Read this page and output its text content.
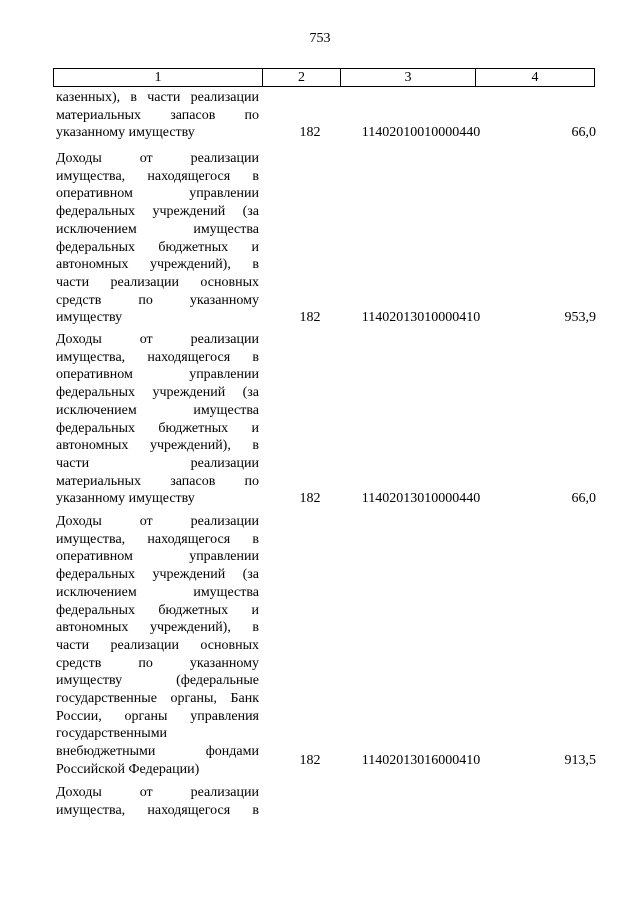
753
1	2	3	4
казенных), в части реализации
материальных запасов по
указанному имуществу	182	11402010010000440	66,0
Доходы от реализации
имущества, находящегося в
оперативном управлении
федеральных учреждений (за
исключением имущества
федеральных бюджетных и
автономных учреждений), в
части реализации основных
средств по указанному
имуществу	182	11402013010000410	953,9
Доходы от реализации
имущества, находящегося в
оперативном управлении
федеральных учреждений (за
исключением имущества
федеральных бюджетных и
автономных учреждений), в
части реализации
материальных запасов по
указанному имуществу	182	11402013010000440	66,0
Доходы от реализации
имущества, находящегося в
оперативном управлении
федеральных учреждений (за
исключением имущества
федеральных бюджетных и
автономных учреждений), в
части реализации основных
средств по указанному
имуществу (федеральные
государственные органы, Банк
России, органы управления
государственными
внебюджетными фондами
Российской Федерации)
182	11402013016000410	913,5
Доходы от реализации
имущества, находящегося в
